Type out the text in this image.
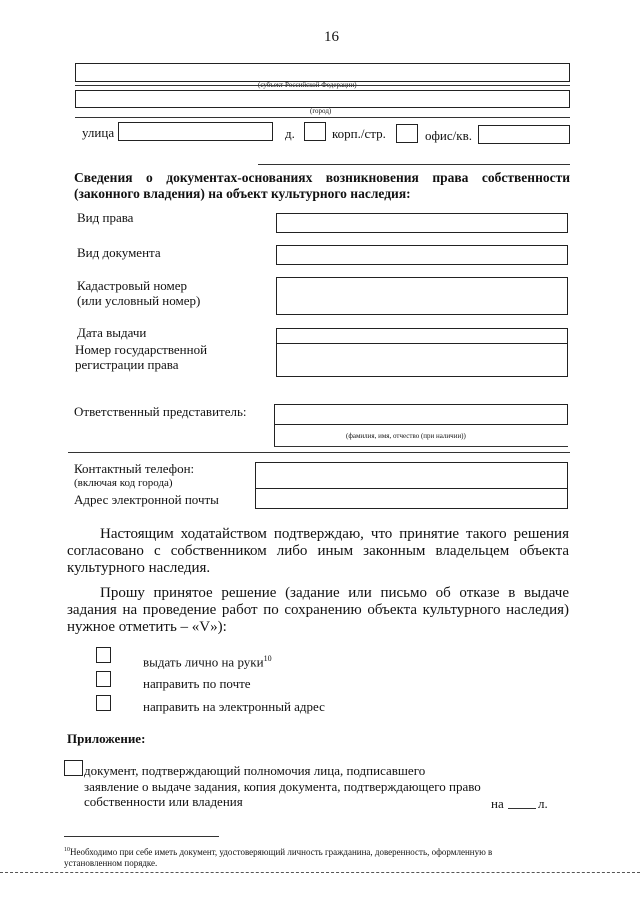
16
(субъект Российской Федерации)
(город)
улица	д.	корп./стр.	офис/кв.
Сведения о документах-основаниях возникновения права собственности (законного владения) на объект культурного наследия:
Вид права
Вид документа
Кадастровый номер
(или условный номер)
Дата выдачи
Номер государственной
регистрации права
Ответственный представитель:
(фамилия, имя, отчество (при наличии))
Контактный телефон:
(включая код города)
Адрес электронной почты
Настоящим ходатайством подтверждаю, что принятие такого решения согласовано с собственником либо иным законным владельцем объекта культурного наследия.
Прошу принятое решение (задание или письмо об отказе в выдаче задания на проведение работ по сохранению объекта культурного наследия) нужное отметить – «V»):
выдать лично на руки$^{10}$
направить по почте
направить на электронный адрес
Приложение:
документ, подтверждающий полномочия лица, подписавшего
заявление о выдаче задания, копия документа, подтверждающего право
собственности или владения	на	л.
$^{10}$Необходимо при себе иметь документ, удостоверяющий личность гражданина, доверенность, оформленную в
установленном порядке.
